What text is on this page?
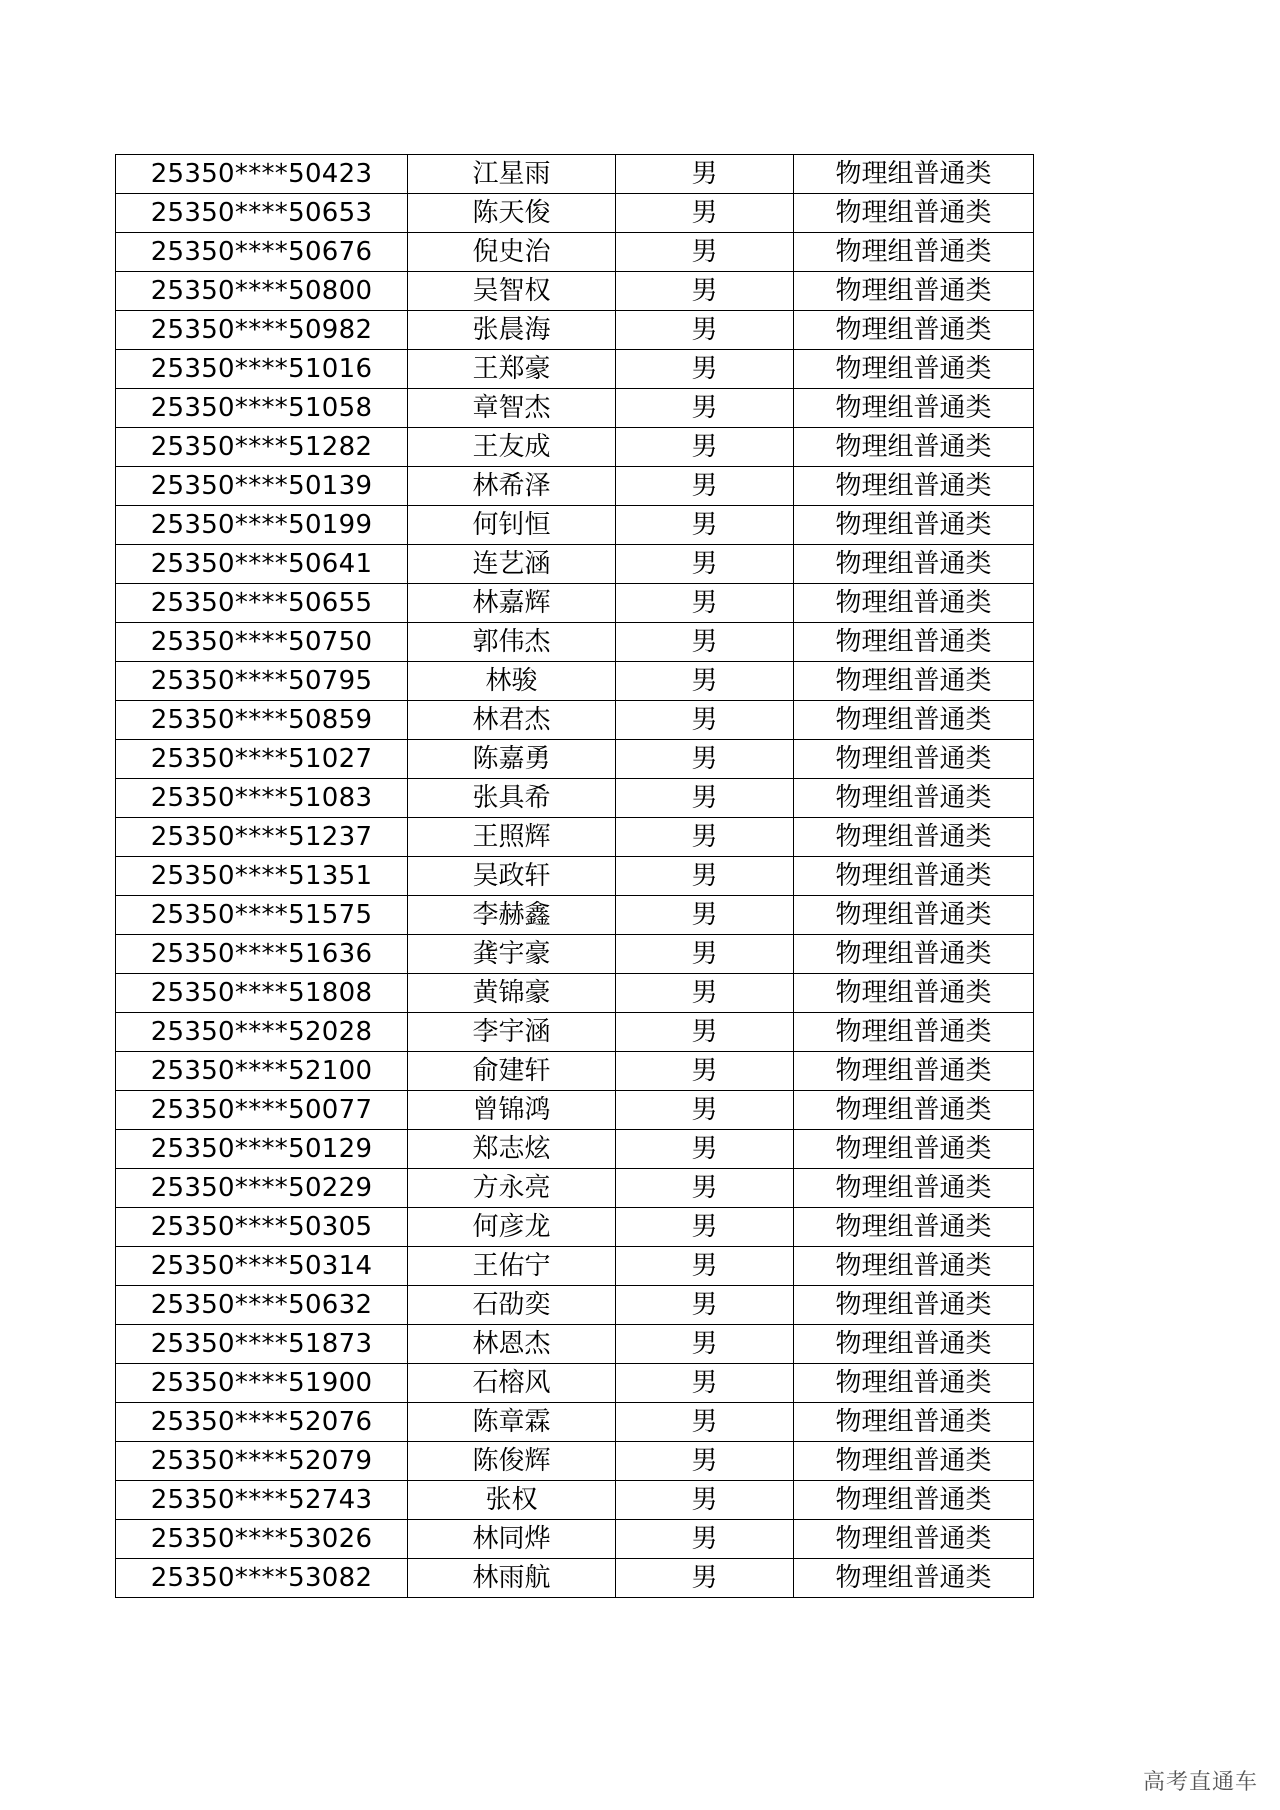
25350****50423	江星雨	男	物理组普通类
25350****50653	陈天俊	男	物理组普通类
25350****50676	倪史治	男	物理组普通类
25350****50800	吴智权	男	物理组普通类
25350****50982	张晨海	男	物理组普通类
25350****51016	王郑豪	男	物理组普通类
25350****51058	章智杰	男	物理组普通类
25350****51282	王友成	男	物理组普通类
25350****50139	林希泽	男	物理组普通类
25350****50199	何钊恒	男	物理组普通类
25350****50641	连艺涵	男	物理组普通类
25350****50655	林嘉辉	男	物理组普通类
25350****50750	郭伟杰	男	物理组普通类
25350****50795	林骏	男	物理组普通类
25350****50859	林君杰	男	物理组普通类
25350****51027	陈嘉勇	男	物理组普通类
25350****51083	张具希	男	物理组普通类
25350****51237	王照辉	男	物理组普通类
25350****51351	吴政轩	男	物理组普通类
25350****51575	李赫鑫	男	物理组普通类
25350****51636	龚宇豪	男	物理组普通类
25350****51808	黄锦豪	男	物理组普通类
25350****52028	李宇涵	男	物理组普通类
25350****52100	俞建轩	男	物理组普通类
25350****50077	曾锦鸿	男	物理组普通类
25350****50129	郑志炫	男	物理组普通类
25350****50229	方永亮	男	物理组普通类
25350****50305	何彦龙	男	物理组普通类
25350****50314	王佑宁	男	物理组普通类
25350****50632	石劭奕	男	物理组普通类
25350****51873	林恩杰	男	物理组普通类
25350****51900	石榕风	男	物理组普通类
25350****52076	陈章霖	男	物理组普通类
25350****52079	陈俊辉	男	物理组普通类
25350****52743	张权	男	物理组普通类
25350****53026	林同烨	男	物理组普通类
25350****53082	林雨航	男	物理组普通类
高考直通车
